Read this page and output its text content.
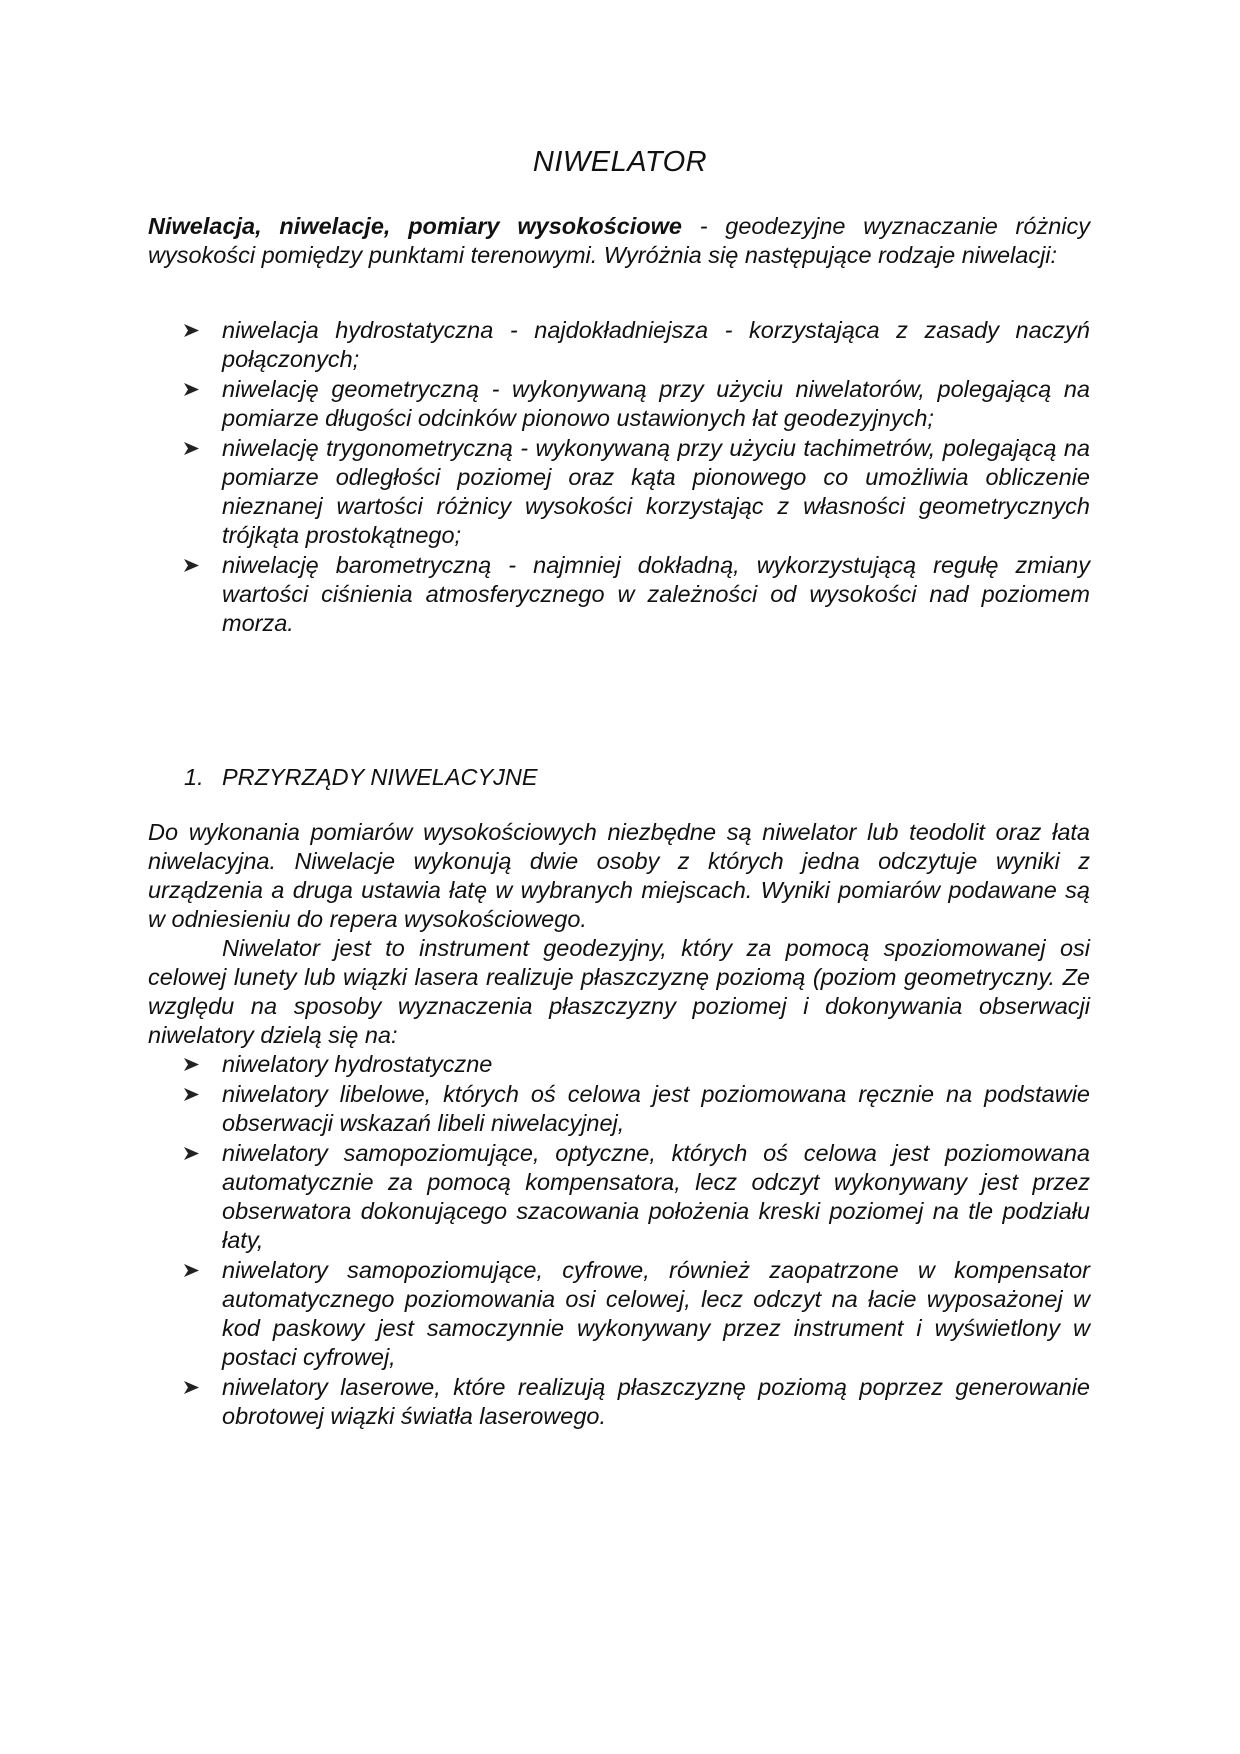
NIWELATOR

Niwelacja, niwelacje, pomiary wysokościowe - geodezyjne wyznaczanie różnicy wysokości pomiędzy punktami terenowymi. Wyróżnia się następujące rodzaje niwelacji:

niwelacja hydrostatyczna - najdokładniejsza - korzystająca z zasady naczyń połączonych;
niwelację geometryczną - wykonywaną przy użyciu niwelatorów, polegającą na pomiarze długości odcinków pionowo ustawionych łat geodezyjnych;
niwelację trygonometryczną - wykonywaną przy użyciu tachimetrów, polegającą na pomiarze odległości poziomej oraz kąta pionowego co umożliwia obliczenie nieznanej wartości różnicy wysokości korzystając z własności geometrycznych trójkąta prostokątnego;
niwelację barometryczną - najmniej dokładną, wykorzystującą regułę zmiany wartości ciśnienia atmosferycznego w zależności od wysokości nad poziomem morza.
1. PRZYRZĄDY NIWELACYJNE

Do wykonania pomiarów wysokościowych niezbędne są niwelator lub teodolit oraz łata niwelacyjna. Niwelacje wykonują dwie osoby z których jedna odczytuje wyniki z urządzenia a druga ustawia łatę w wybranych miejscach. Wyniki pomiarów podawane są w odniesieniu do repera wysokościowego.

Niwelator jest to instrument geodezyjny, który za pomocą spoziomowanej osi celowej lunety lub wiązki lasera realizuje płaszczyznę poziomą (poziom geometryczny. Ze względu na sposoby wyznaczenia płaszczyzny poziomej i dokonywania obserwacji niwelatory dzielą się na:

niwelatory hydrostatyczne
niwelatory libelowe, których oś celowa jest poziomowana ręcznie na podstawie obserwacji wskazań libeli niwelacyjnej,
niwelatory samopoziomujące, optyczne, których oś celowa jest poziomowana automatycznie za pomocą kompensatora, lecz odczyt wykonywany jest przez obserwatora dokonującego szacowania położenia kreski poziomej na tle podziału łaty,
niwelatory samopoziomujące, cyfrowe, również zaopatrzone w kompensator automatycznego poziomowania osi celowej, lecz odczyt na łacie wyposażonej w kod paskowy jest samoczynnie wykonywany przez instrument i wyświetlony w postaci cyfrowej,
niwelatory laserowe, które realizują płaszczyznę poziomą poprzez generowanie obrotowej wiązki światła laserowego.
